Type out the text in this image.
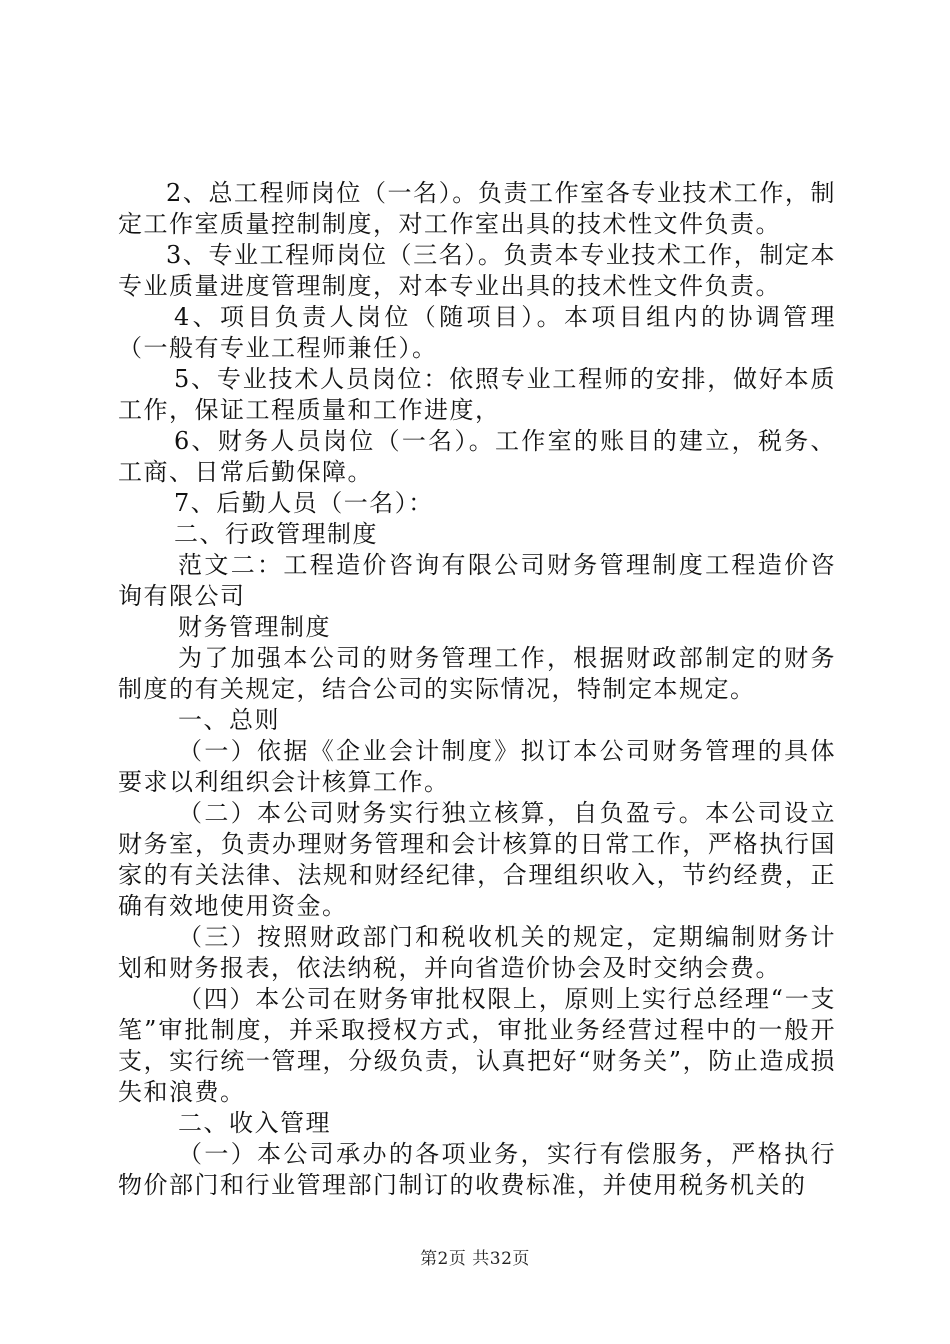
2、总工程师岗位（一名）。负责工作室各专业技术工作，制定工作室质量控制制度，对工作室出具的技术性文件负责。

3、专业工程师岗位（三名）。负责本专业技术工作，制定本专业质量进度管理制度，对本专业出具的技术性文件负责。

4、项目负责人岗位（随项目）。本项目组内的协调管理（一般有专业工程师兼任）。

5、专业技术人员岗位：依照专业工程师的安排，做好本质工作，保证工程质量和工作进度，

6、财务人员岗位（一名）。工作室的账目的建立，税务、工商、日常后勤保障。

7、后勤人员（一名）：

二、行政管理制度

范文二：工程造价咨询有限公司财务管理制度工程造价咨询有限公司

财务管理制度

为了加强本公司的财务管理工作，根据财政部制定的财务制度的有关规定，结合公司的实际情况，特制定本规定。

一、总则

（一）依据《企业会计制度》拟订本公司财务管理的具体要求以利组织会计核算工作。

（二）本公司财务实行独立核算，自负盈亏。本公司设立财务室，负责办理财务管理和会计核算的日常工作，严格执行国家的有关法律、法规和财经纪律，合理组织收入，节约经费，正确有效地使用资金。

（三）按照财政部门和税收机关的规定，定期编制财务计划和财务报表，依法纳税，并向省造价协会及时交纳会费。

（四）本公司在财务审批权限上，原则上实行总经理“一支笔”审批制度，并采取授权方式，审批业务经营过程中的一般开支，实行统一管理，分级负责，认真把好“财务关”，防止造成损失和浪费。

二、收入管理

（一）本公司承办的各项业务，实行有偿服务，严格执行物价部门和行业管理部门制订的收费标准，并使用税务机关的

第2页 共32页
